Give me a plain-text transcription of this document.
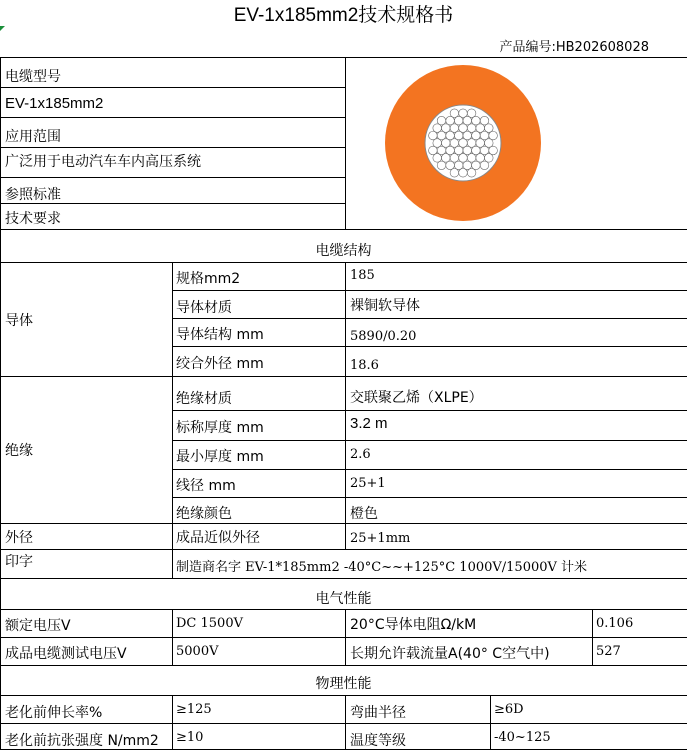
EV-1x185mm2技术规格书
产品编号:HB202608028
电缆型号
EV-1x185mm2
应用范围
广泛用于电动汽车车内高压系统
参照标准
技术要求
电缆结构
导体
规格mm2	185
导体材质	裸铜软导体
导体结构 mm	5890/0.20
绞合外径 mm	18.6
绝缘
绝缘材质	交联聚乙烯（XLPE）
标称厚度 mm	3.2 m
最小厚度 mm	2.6
线径 mm	25+1
绝缘颜色	橙色
外径	成品近似外径	25+1mm
印字	制造商名字 EV-1*185mm2 -40°C~~+125°C 1000V/15000V 计米
电气性能
额定电压V	DC 1500V	20°C导体电阻Ω/kM	0.106
成品电缆测试电压V	5000V	长期允许载流量A(40° C空气中)	527
物理性能
老化前伸长率%	≥125	弯曲半径	≥6D
老化前抗张强度 N/mm2 ≥10	温度等级	-40~125
